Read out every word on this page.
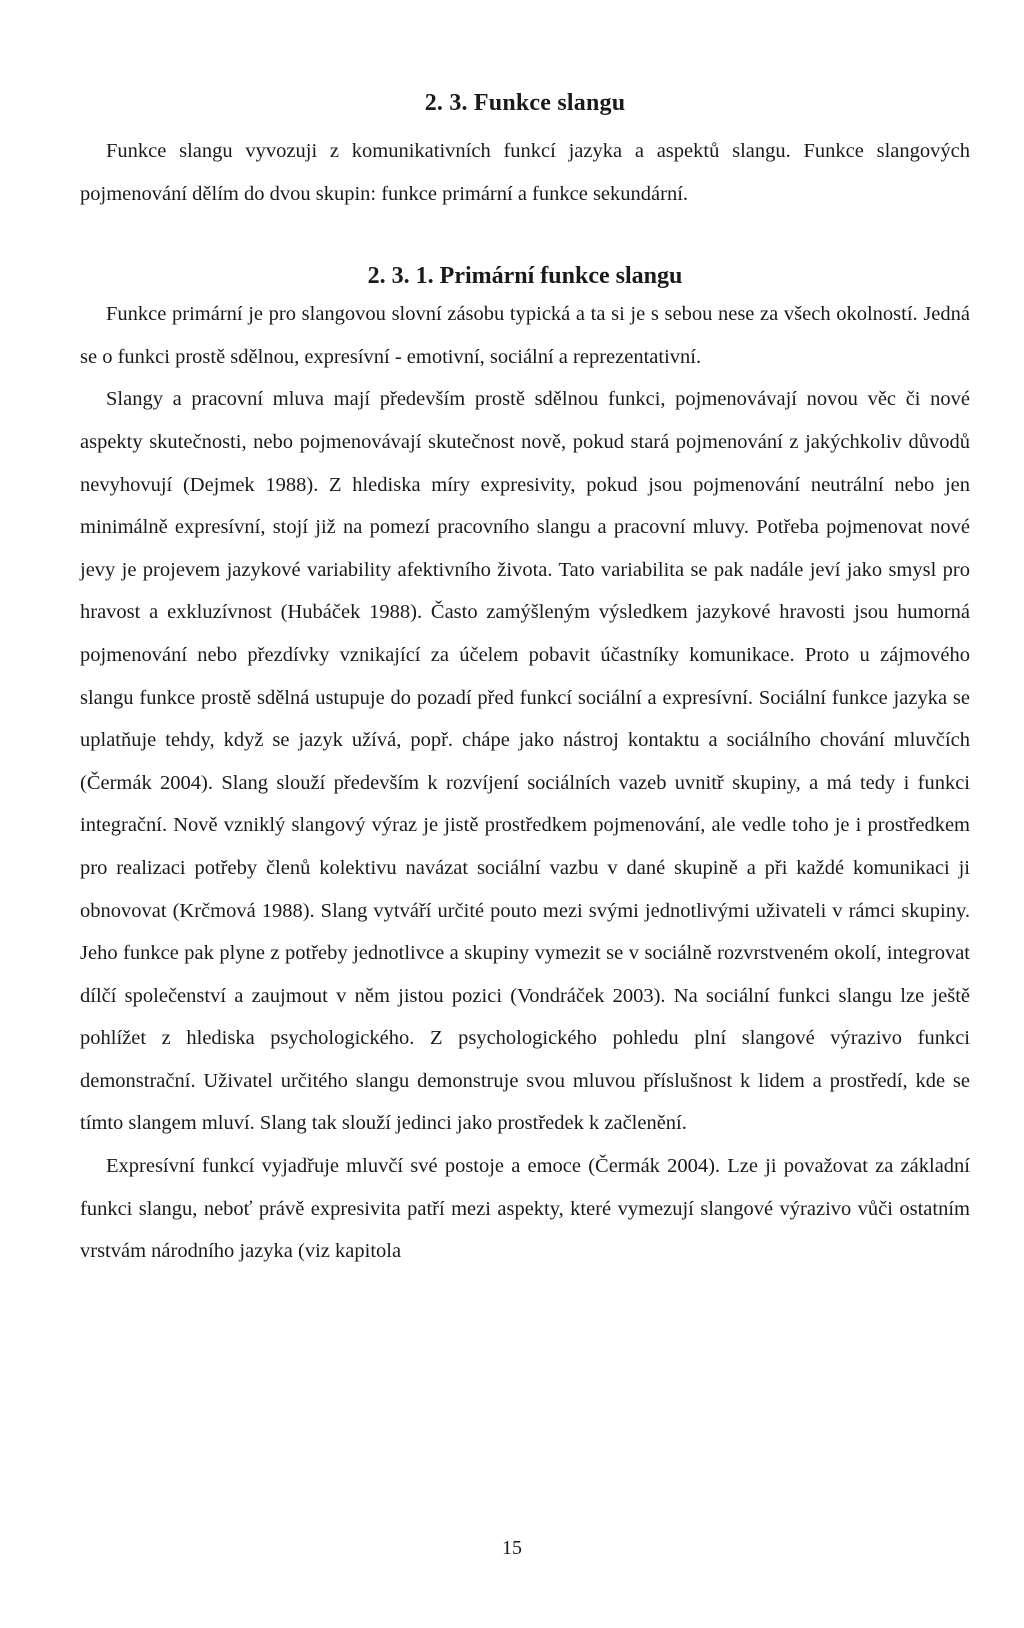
2. 3. Funkce slangu

Funkce slangu vyvozuji z komunikativních funkcí jazyka a aspektů slangu. Funkce slangových pojmenování dělím do dvou skupin: funkce primární a funkce sekundární.

2. 3. 1. Primární funkce slangu

Funkce primární je pro slangovou slovní zásobu typická a ta si je s sebou nese za všech okolností. Jedná se o funkci prostě sdělnou, expresívní - emotivní, sociální a reprezentativní.

Slangy a pracovní mluva mají především prostě sdělnou funkci, pojmenovávají novou věc či nové aspekty skutečnosti, nebo pojmenovávají skutečnost nově, pokud stará pojmenování z jakýchkoliv důvodů nevyhovují (Dejmek 1988). Z hlediska míry expresivity, pokud jsou pojmenování neutrální nebo jen minimálně expresívní, stojí již na pomezí pracovního slangu a pracovní mluvy. Potřeba pojmenovat nové jevy je projevem jazykové variability afektivního života. Tato variabilita se pak nadále jeví jako smysl pro hravost a exkluzívnost (Hubáček 1988). Často zamýšleným výsledkem jazykové hravosti jsou humorná pojmenování nebo přezdívky vznikající za účelem pobavit účastníky komunikace. Proto u zájmového slangu funkce prostě sdělná ustupuje do pozadí před funkcí sociální a expresívní. Sociální funkce jazyka se uplatňuje tehdy, když se jazyk užívá, popř. chápe jako nástroj kontaktu a sociálního chování mluvčích (Čermák 2004). Slang slouží především k rozvíjení sociálních vazeb uvnitř skupiny, a má tedy i funkci integrační. Nově vzniklý slangový výraz je jistě prostředkem pojmenování, ale vedle toho je i prostředkem pro realizaci potřeby členů kolektivu navázat sociální vazbu v dané skupině a při každé komunikaci ji obnovovat (Krčmová 1988). Slang vytváří určité pouto mezi svými jednotlivými uživateli v rámci skupiny. Jeho funkce pak plyne z potřeby jednotlivce a skupiny vymezit se v sociálně rozvrstveném okolí, integrovat dílčí společenství a zaujmout v něm jistou pozici (Vondráček 2003). Na sociální funkci slangu lze ještě pohlížet z hlediska psychologického. Z psychologického pohledu plní slangové výrazivo funkci demonstrační. Uživatel určitého slangu demonstruje svou mluvou příslušnost k lidem a prostředí, kde se tímto slangem mluví. Slang tak slouží jedinci jako prostředek k začlenění.

Expresívní funkcí vyjadřuje mluvčí své postoje a emoce (Čermák 2004). Lze ji považovat za základní funkci slangu, neboť právě expresivita patří mezi aspekty, které vymezují slangové výrazivo vůči ostatním vrstvám národního jazyka (viz kapitola

15
